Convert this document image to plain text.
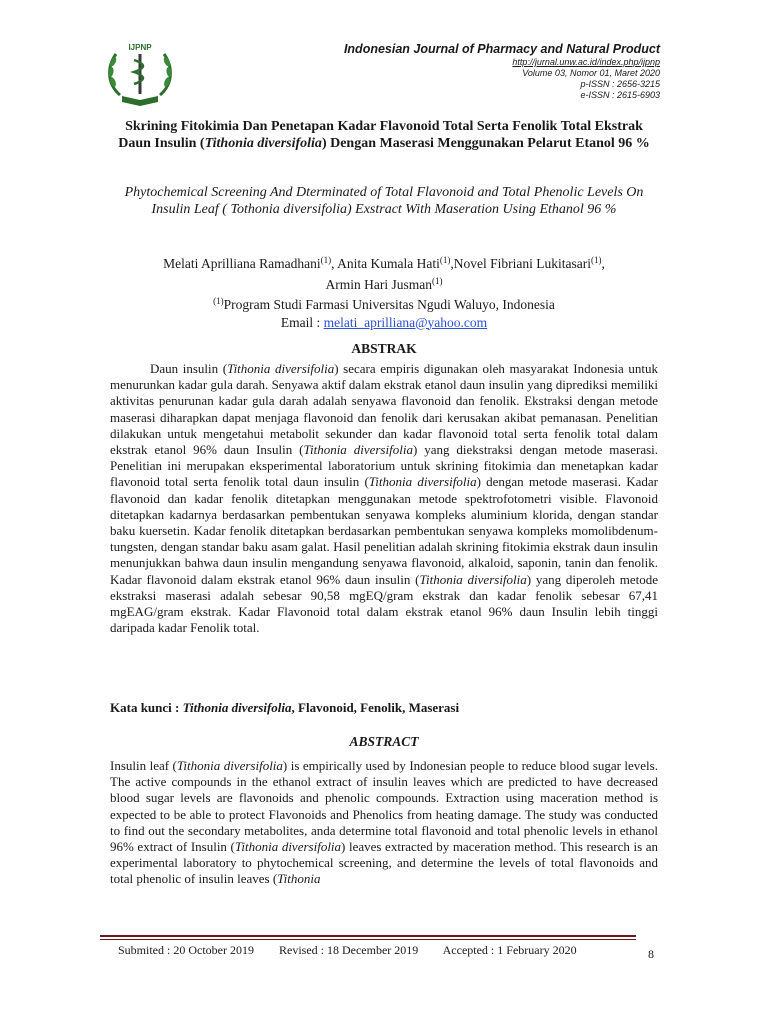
IJPNP	Indonesian Journal of Pharmacy and Natural Product
http://jurnal.unw.ac.id/index.php/ijpnp
Volume 03, Nomor 01, Maret 2020
p-ISSN : 2656-3215
e-ISSN : 2615-6903
Skrining Fitokimia Dan Penetapan Kadar Flavonoid Total Serta Fenolik Total Ekstrak Daun Insulin (Tithonia diversifolia) Dengan Maserasi Menggunakan Pelarut Etanol 96 %
Phytochemical Screening And Dterminated of Total Flavonoid and Total Phenolic Levels On Insulin Leaf ( Tothonia diversifolia) Exstract With Maseration Using Ethanol 96 %
Melati Aprilliana Ramadhani$^{(1)}$, Anita Kumala Hati$^{(1)}$,Novel Fibriani Lukitasari$^{(1)}$,
Armin Hari Jusman$^{(1)}$
$^{(1)}$Program Studi Farmasi Universitas Ngudi Waluyo, Indonesia
Email : melati_aprilliana@yahoo.com
ABSTRAK
Daun insulin (Tithonia diversifolia) secara empiris digunakan oleh masyarakat Indonesia untuk menurunkan kadar gula darah. Senyawa aktif dalam ekstrak etanol daun insulin yang diprediksi memiliki aktivitas penurunan kadar gula darah adalah senyawa flavonoid dan fenolik. Ekstraksi dengan metode maserasi diharapkan dapat menjaga flavonoid dan fenolik dari kerusakan akibat pemanasan. Penelitian dilakukan untuk mengetahui metabolit sekunder dan kadar flavonoid total serta fenolik total dalam ekstrak etanol 96% daun Insulin (Tithonia diversifolia) yang diekstraksi dengan metode maserasi. Penelitian ini merupakan eksperimental laboratorium untuk skrining fitokimia dan menetapkan kadar flavonoid total serta fenolik total daun insulin (Tithonia diversifolia) dengan metode maserasi. Kadar flavonoid dan kadar fenolik ditetapkan menggunakan metode spektrofotometri visible. Flavonoid ditetapkan kadarnya berdasarkan pembentukan senyawa kompleks aluminium klorida, dengan standar baku kuersetin. Kadar fenolik ditetapkan berdasarkan pembentukan senyawa kompleks momolibdenum-tungsten, dengan standar baku asam galat. Hasil penelitian adalah skrining fitokimia ekstrak daun insulin menunjukkan bahwa daun insulin mengandung senyawa flavonoid, alkaloid, saponin, tanin dan fenolik. Kadar flavonoid dalam ekstrak etanol 96% daun insulin (Tithonia diversifolia) yang diperoleh metode ekstraksi maserasi adalah sebesar 90,58 mgEQ/gram ekstrak dan kadar fenolik sebesar 67,41 mgEAG/gram ekstrak. Kadar Flavonoid total dalam ekstrak etanol 96% daun Insulin lebih tinggi daripada kadar Fenolik total.
Kata kunci : Tithonia diversifolia, Flavonoid, Fenolik, Maserasi
ABSTRACT
Insulin leaf (Tithonia diversifolia) is empirically used by Indonesian people to reduce blood sugar levels. The active compounds in the ethanol extract of insulin leaves which are predicted to have decreased blood sugar levels are flavonoids and phenolic compounds. Extraction using maceration method is expected to be able to protect Flavonoids and Phenolics from heating damage. The study was conducted to find out the secondary metabolites, anda determine total flavonoid and total phenolic levels in ethanol 96% extract of Insulin (Tithonia diversifolia) leaves extracted by maceration method. This research is an experimental laboratory to phytochemical screening, and determine the levels of total flavonoids and total phenolic of insulin leaves (Tithonia
Submited : 20 October 2019 Revised : 18 December 2019 Accepted : 1 February 2020	8
